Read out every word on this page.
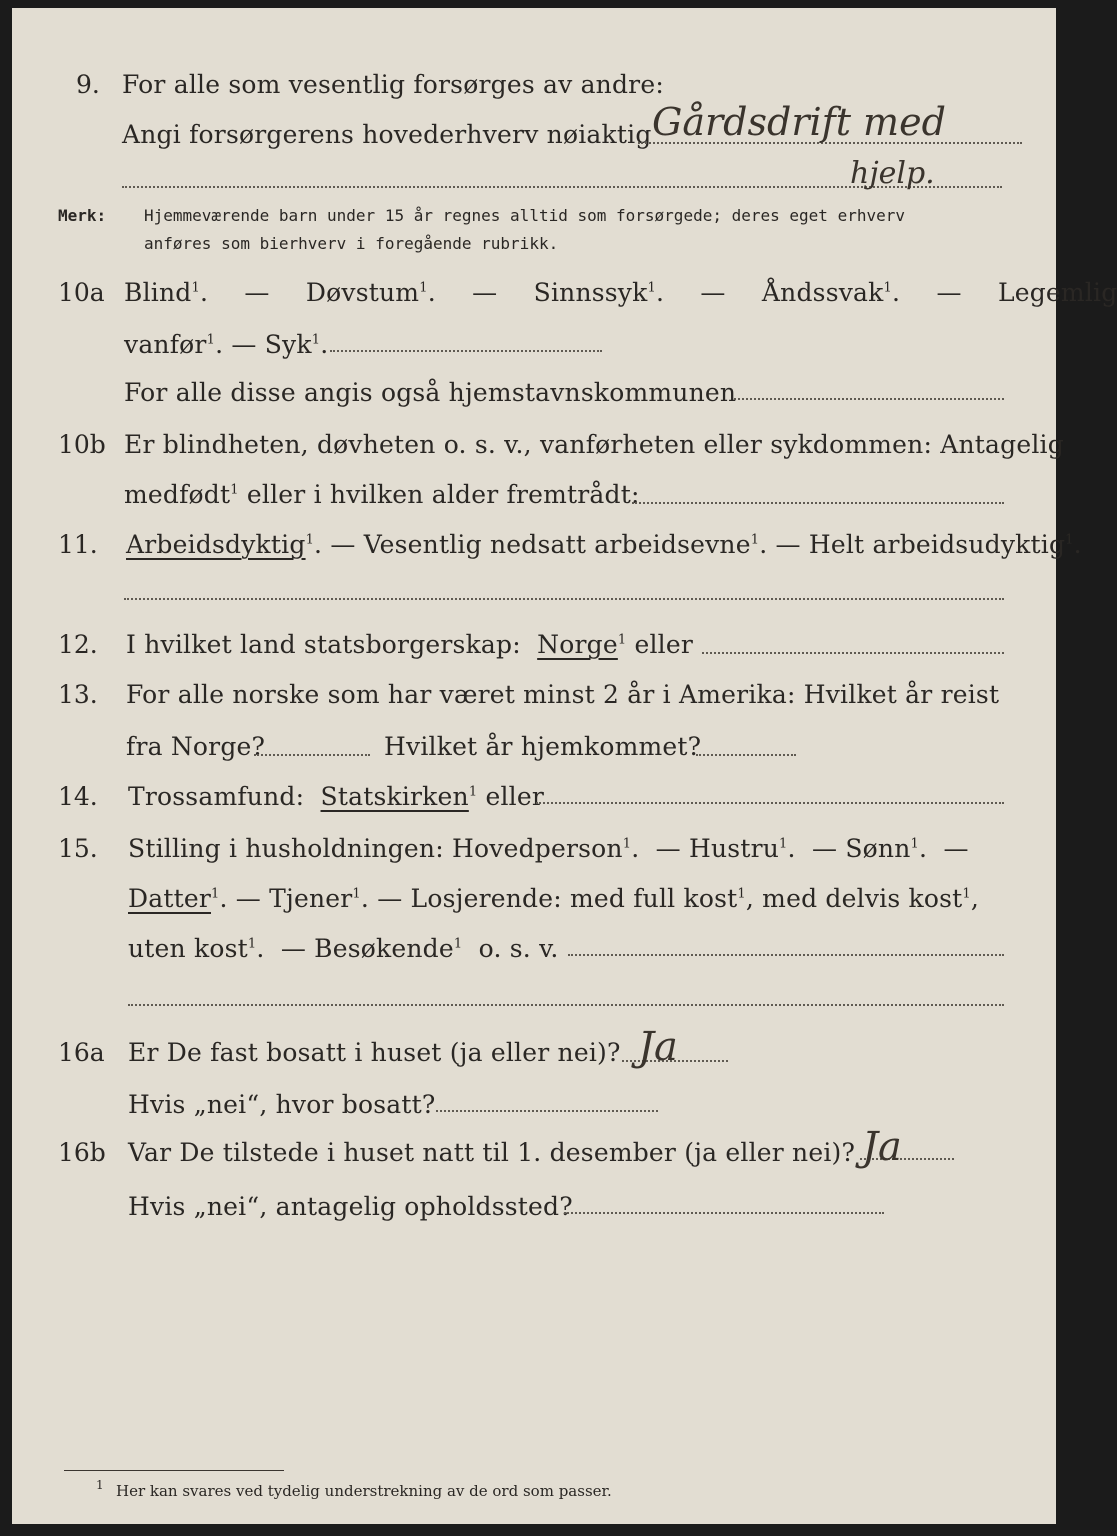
9. For alle som vesentlig forsørges av andre:
Angi forsørgerens hovederhverv nøiaktig Gårdsdrift med
hjelp.
Merk: Hjemmeværende barn under 15 år regnes alltid som forsørgede; deres eget erhverv
anføres som bierhverv i foregående rubrikk.
10a Blind$^1$.  —  Døvstum$^1$.  —  Sinnssyk$^1$.  —  Åndssvak$^1$.  —  Legemlig
vanfør$^1$. — Syk$^1$.
For alle disse angis også hjemstavnskommunen
10b Er blindheten, døvheten o. s. v., vanførheten eller sykdommen: Antagelig
medfødt$^1$ eller i hvilken alder fremtrådt:
11. Arbeidsdyktig$^1$. — Vesentlig nedsatt arbeidsevne$^1$. — Helt arbeidsudyktig$^1$.
12. I hvilket land statsborgerskap: Norge$^1$ eller
13. For alle norske som har været minst 2 år i Amerika: Hvilket år reist
fra Norge?	Hvilket år hjemkommet?
14. Trossamfund: Statskirken$^1$ eller
15. Stilling i husholdningen: Hovedperson$^1$.  — Hustru$^1$.  — Sønn$^1$.  —
Datter$^1$. — Tjener$^1$. — Losjerende: med full kost$^1$, med delvis kost$^1$,
uten kost$^1$.  — Besøkende$^1$ o. s. v.
16a Er De fast bosatt i huset (ja eller nei)? Ja
Hvis „nei“, hvor bosatt?
16b Var De tilstede i huset natt til 1. desember (ja eller nei)? Ja
Hvis „nei“, antagelig opholdssted?
1 Her kan svares ved tydelig understrekning av de ord som passer.
